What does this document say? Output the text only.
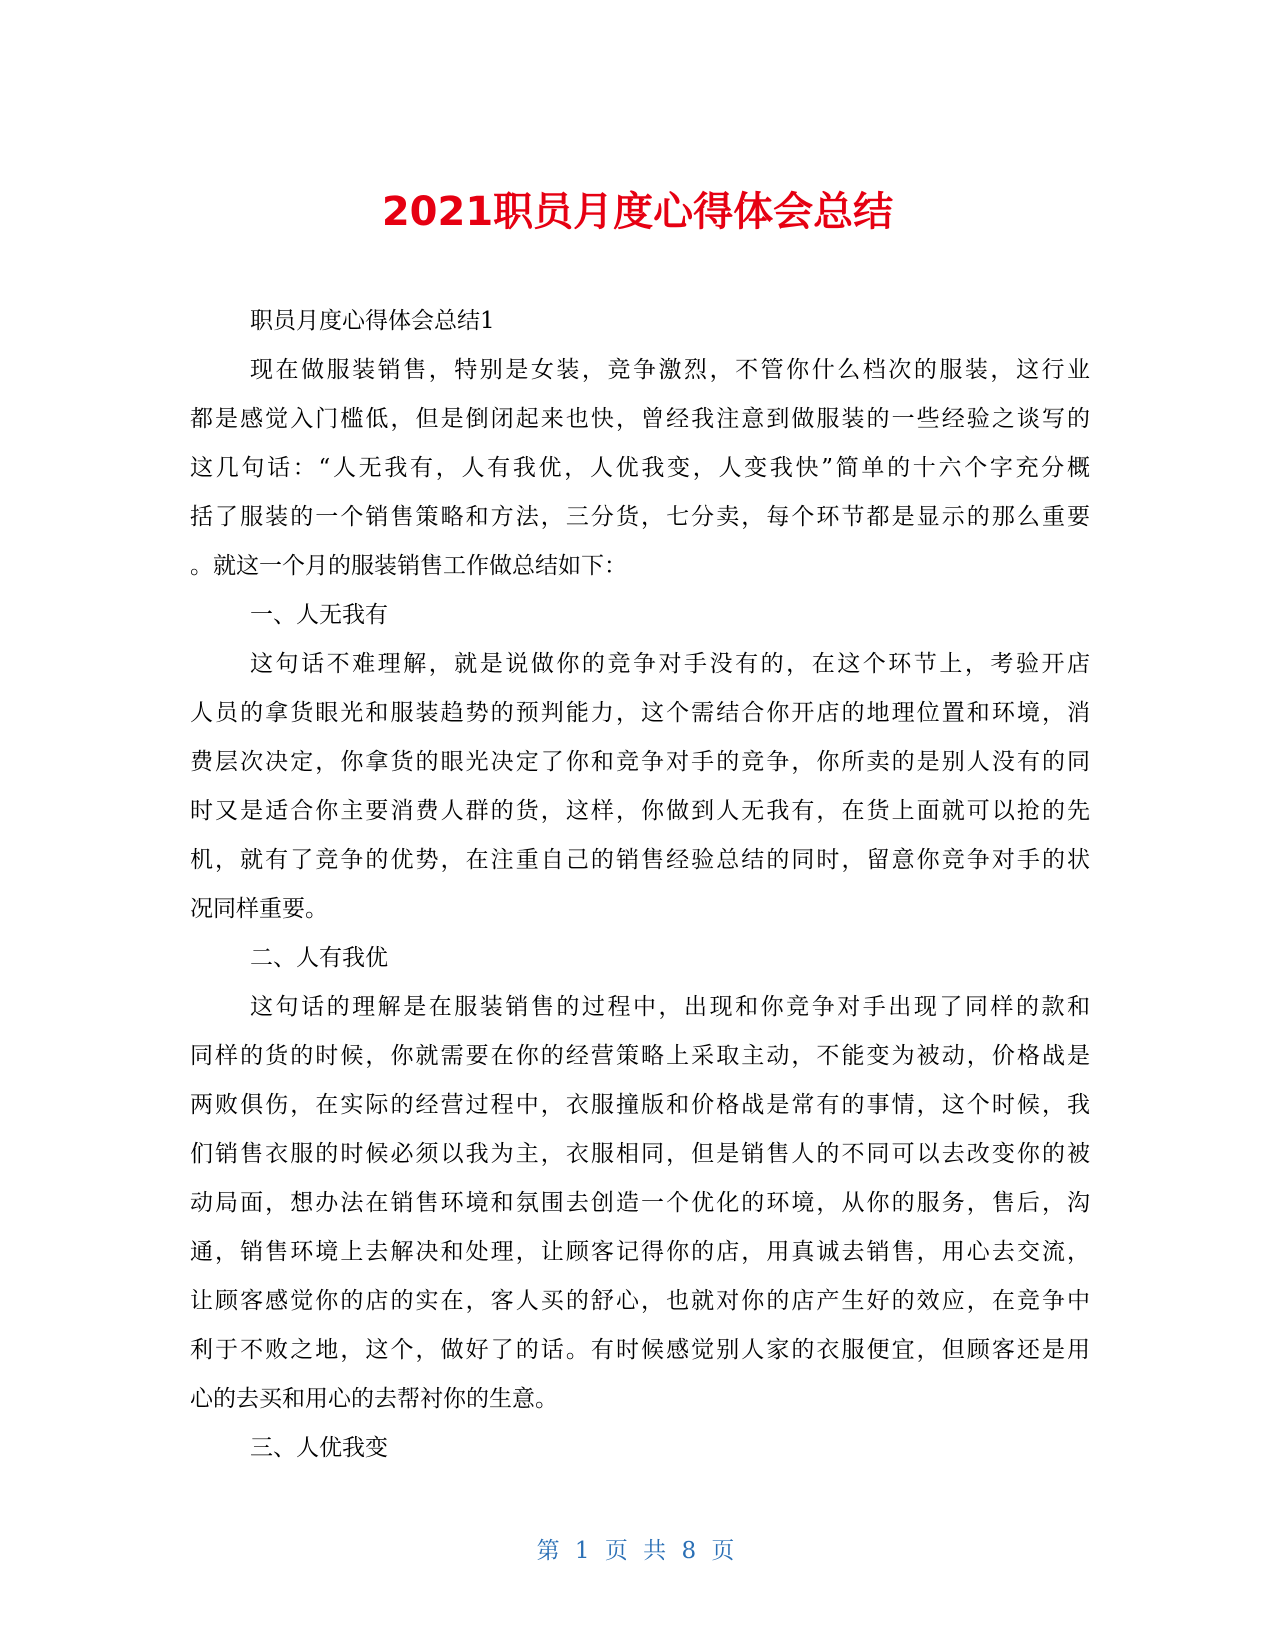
2021职员月度心得体会总结
职员月度心得体会总结1
现在做服装销售，特别是女装，竞争激烈，不管你什么档次的服装，这行业
都是感觉入门槛低，但是倒闭起来也快，曾经我注意到做服装的一些经验之谈写的
这几句话：“人无我有，人有我优，人优我变，人变我快”简单的十六个字充分概
括了服装的一个销售策略和方法，三分货，七分卖，每个环节都是显示的那么重要
。就这一个月的服装销售工作做总结如下：
一、人无我有
这句话不难理解，就是说做你的竞争对手没有的，在这个环节上，考验开店
人员的拿货眼光和服装趋势的预判能力，这个需结合你开店的地理位置和环境，消
费层次决定，你拿货的眼光决定了你和竞争对手的竞争，你所卖的是别人没有的同
时又是适合你主要消费人群的货，这样，你做到人无我有，在货上面就可以抢的先
机，就有了竞争的优势，在注重自己的销售经验总结的同时，留意你竞争对手的状
况同样重要。
二、人有我优
这句话的理解是在服装销售的过程中，出现和你竞争对手出现了同样的款和
同样的货的时候，你就需要在你的经营策略上采取主动，不能变为被动，价格战是
两败俱伤，在实际的经营过程中，衣服撞版和价格战是常有的事情，这个时候，我
们销售衣服的时候必须以我为主，衣服相同，但是销售人的不同可以去改变你的被
动局面，想办法在销售环境和氛围去创造一个优化的环境，从你的服务，售后，沟
通，销售环境上去解决和处理，让顾客记得你的店，用真诚去销售，用心去交流，
让顾客感觉你的店的实在，客人买的舒心，也就对你的店产生好的效应，在竞争中
利于不败之地，这个，做好了的话。有时候感觉别人家的衣服便宜，但顾客还是用
心的去买和用心的去帮衬你的生意。
三、人优我变
第 1 页 共 8 页
